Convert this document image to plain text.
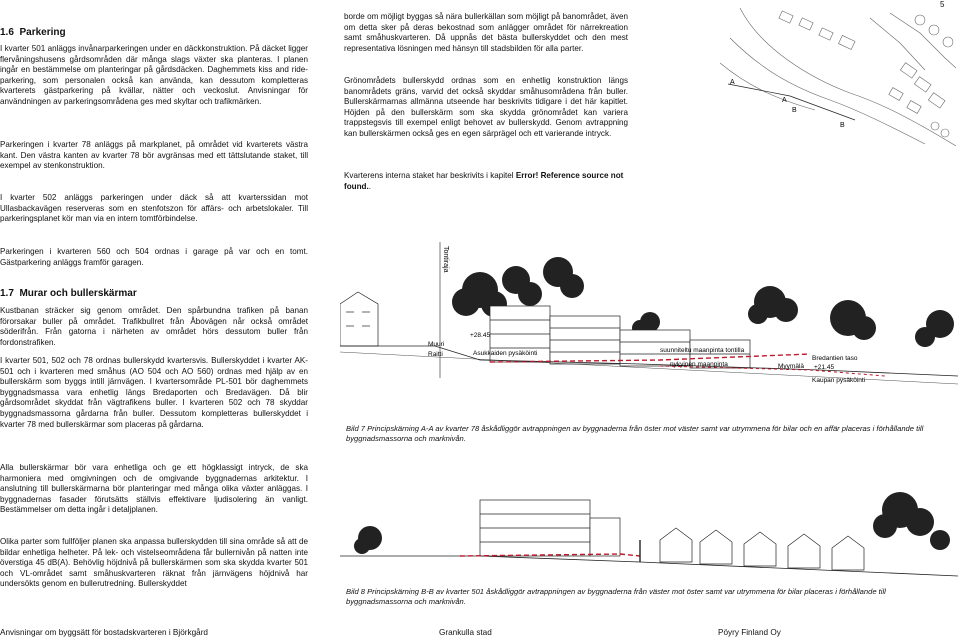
5
1.6 Parkering

I kvarter 501 anläggs invånarparkeringen under en däckkonstruktion. På däcket ligger flervåningshusens gårdsområden där många slags växter ska planteras. I planen ingår en bestämmelse om planteringar på gårdsdäcken. Daghemmets kiss and ride-parkering, som personalen också kan använda, kan dessutom kompletteras kvarterets gästparkering på kvällar, nätter och veckoslut. Anvisningar för användningen av parkeringsområdena ges med skyltar och trafikmärken.

Parkeringen i kvarter 78 anläggs på markplanet, på området vid kvarterets västra kant. Den västra kanten av kvarter 78 bör avgränsas med ett tättslutande staket, till exempel av stenkonstruktion.

I kvarter 502 anläggs parkeringen under däck så att kvarterssidan mot Ullasbackavägen reserveras som en stenfotszon för affärs- och arbetslokaler. Till parkeringsplanet kör man via en intern tomtförbindelse.

Parkeringen i kvarteren 560 och 504 ordnas i garage på var och en tomt. Gästparkering anläggs framför garagen.

1.7 Murar och bullerskärmar

Kustbanan sträcker sig genom området. Den spårbundna trafiken på banan förorsakar buller på området. Trafikbullret från Åbovägen når också området söderifrån. Från gatorna i närheten av området hörs dessutom buller från fordonstrafiken.

I kvarter 501, 502 och 78 ordnas bullerskydd kvartersvis. Bullerskyddet i kvarter AK-501 och i kvarteren med småhus (AO 504 och AO 560) ordnas med hjälp av en bullerskärm som byggs intill järnvägen. I kvartersområde PL-501 bör daghemmets byggnadsmassa vara enhetlig längs Bredaporten och Bredavägen. Då blir gårdsområdet skyddat från vägtrafikens buller. I kvarteren 502 och 78 skyddar byggnadsmassorna gårdarna från buller. Dessutom kompletteras bullerskyddet i kvarter 78 med bullerskärmar som placeras på gårdarna.

Alla bullerskärmar bör vara enhetliga och ge ett högklassigt intryck, de ska harmoniera med omgivningen och de omgivande byggnadernas arkitektur. I anslutning till bullerskärmarna bör planteringar med många olika växter anläggas. I byggnadernas fasader förutsätts ställvis effektivare ljudisolering än vanligt. Bestämmelser om detta ingår i detaljplanen.

Olika parter som fullföljer planen ska anpassa bullerskydden till sina område så att de bildar enhetliga helheter. På lek- och vistelseområdena får bullernivån på natten inte överstiga 45 dB(A). Behövlig höjdnivå på bullerskärmen som ska skydda kvarter 501 och VL-området samt småhuskvarteren räknat från järnvägens höjdnivå har undersökts genom en bullerutredning. Bullerskyddet

borde om möjligt byggas så nära bullerkällan som möjligt på banområdet, även om detta sker på deras bekostnad som anlägger området för närrekreation samt småhuskvarteren. Då uppnås det bästa bullerskyddet och den mest representativa lösningen med hänsyn till stadsbilden för alla parter.

Grönområdets bullerskydd ordnas som en enhetlig konstruktion längs banområdets gräns, varvid det också skyddar småhusområdena från buller. Bullerskärmarnas allmänna utseende har beskrivits tidigare i det här kapitlet. Höjden på den bullerskärm som ska skydda grönområdet kan variera trappstegsvis till exempel enligt behovet av bullerskydd. Genom avtrappning kan bullerskärmen också ges en egen särprägel och ett varierande intryck.

Kvarterens interna staket har beskrivits i kapitel Error! Reference source not found..

A
A
B
B
Tontiraja
+28.45
Muuri
Raitti	Asukkaiden pysäköinti	suunniteltu maanpinta tontilla
nykyinen maanpinta	Myymälä +21.45
Bredantien taso
Kaupan pysäköinti
Bild 7 Principskärning A-A av kvarter 78 åskådliggör avtrappningen av byggnaderna från öster mot väster samt var utrymmena för bilar och en affär placeras i förhållande till byggnadsmassorna och marknivån.
Bild 8 Principskärning B-B av kvarter 501 åskådliggör avtrappningen av byggnaderna från väster mot öster samt var utrymmena för bilar placeras i förhållande till byggnadsmassorna och marknivån.
Anvisningar om byggsätt för bostadskvarteren i Björkgård	Grankulla stad	Pöyry Finland Oy
